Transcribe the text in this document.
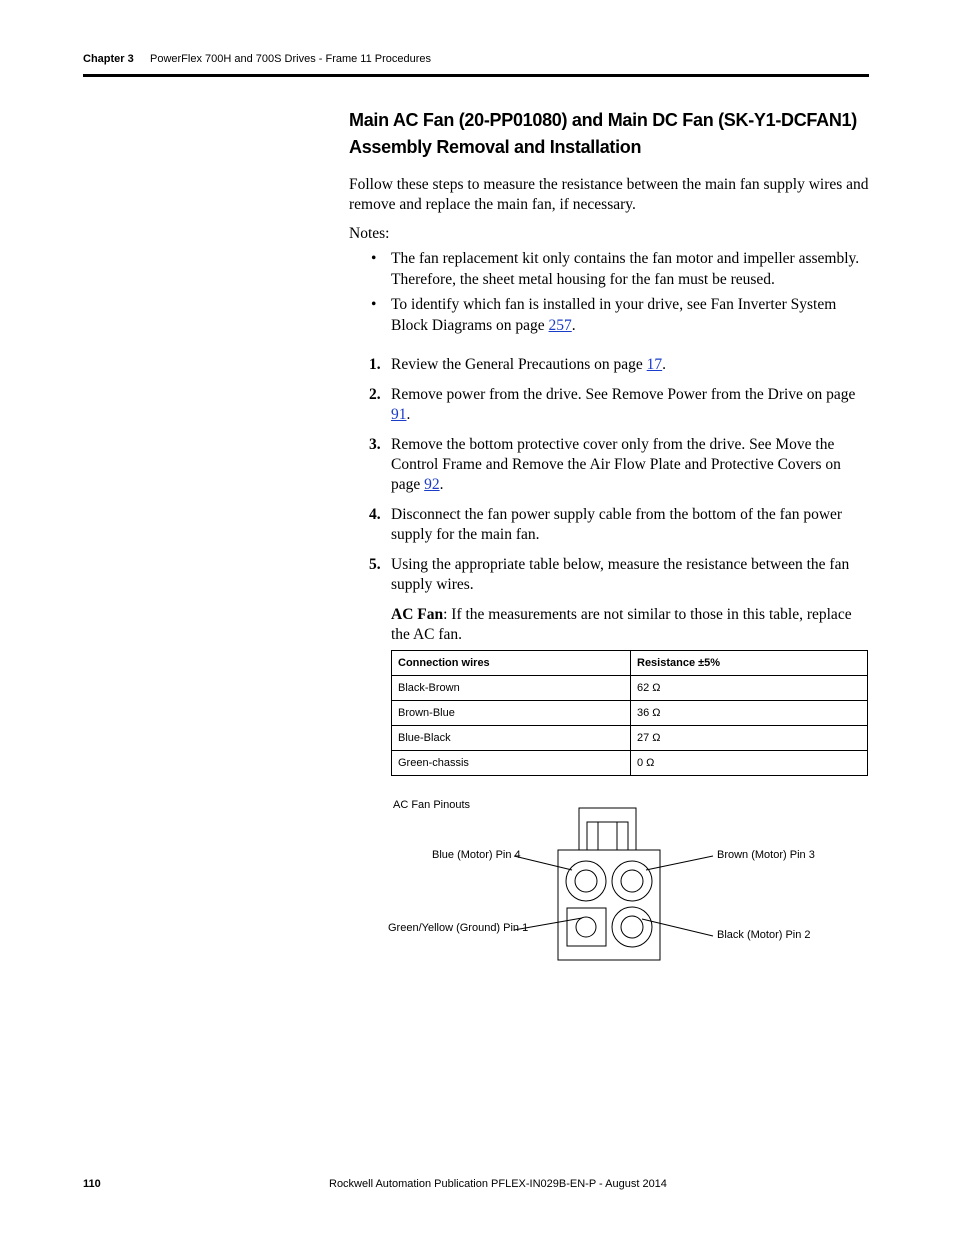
Chapter 3 PowerFlex 700H and 700S Drives - Frame 11 Procedures
Main AC Fan (20-PP01080) and Main DC Fan (SK-Y1-DCFAN1) Assembly Removal and Installation

Follow these steps to measure the resistance between the main fan supply wires and remove and replace the main fan, if necessary.

Notes:

• The fan replacement kit only contains the fan motor and impeller assembly. Therefore, the sheet metal housing for the fan must be reused.
• To identify which fan is installed in your drive, see Fan Inverter System Block Diagrams on page 257.
1. Review the General Precautions on page 17.
2. Remove power from the drive. See Remove Power from the Drive on page 91.
3. Remove the bottom protective cover only from the drive. See Move the Control Frame and Remove the Air Flow Plate and Protective Covers on page 92.
4. Disconnect the fan power supply cable from the bottom of the fan power supply for the main fan.
5. Using the appropriate table below, measure the resistance between the fan supply wires.

AC Fan: If the measurements are not similar to those in this table, replace the AC fan.

Connection wires	Resistance ±5%
Black-Brown	62 Ω
Brown-Blue	36 Ω
Blue-Black	27 Ω
Green-chassis	0 Ω
AC Fan Pinouts
Blue (Motor) Pin 4	Brown (Motor) Pin 3
Green/Yellow (Ground) Pin 1
Black (Motor) Pin 2
110	Rockwell Automation Publication PFLEX-IN029B-EN-P - August 2014
